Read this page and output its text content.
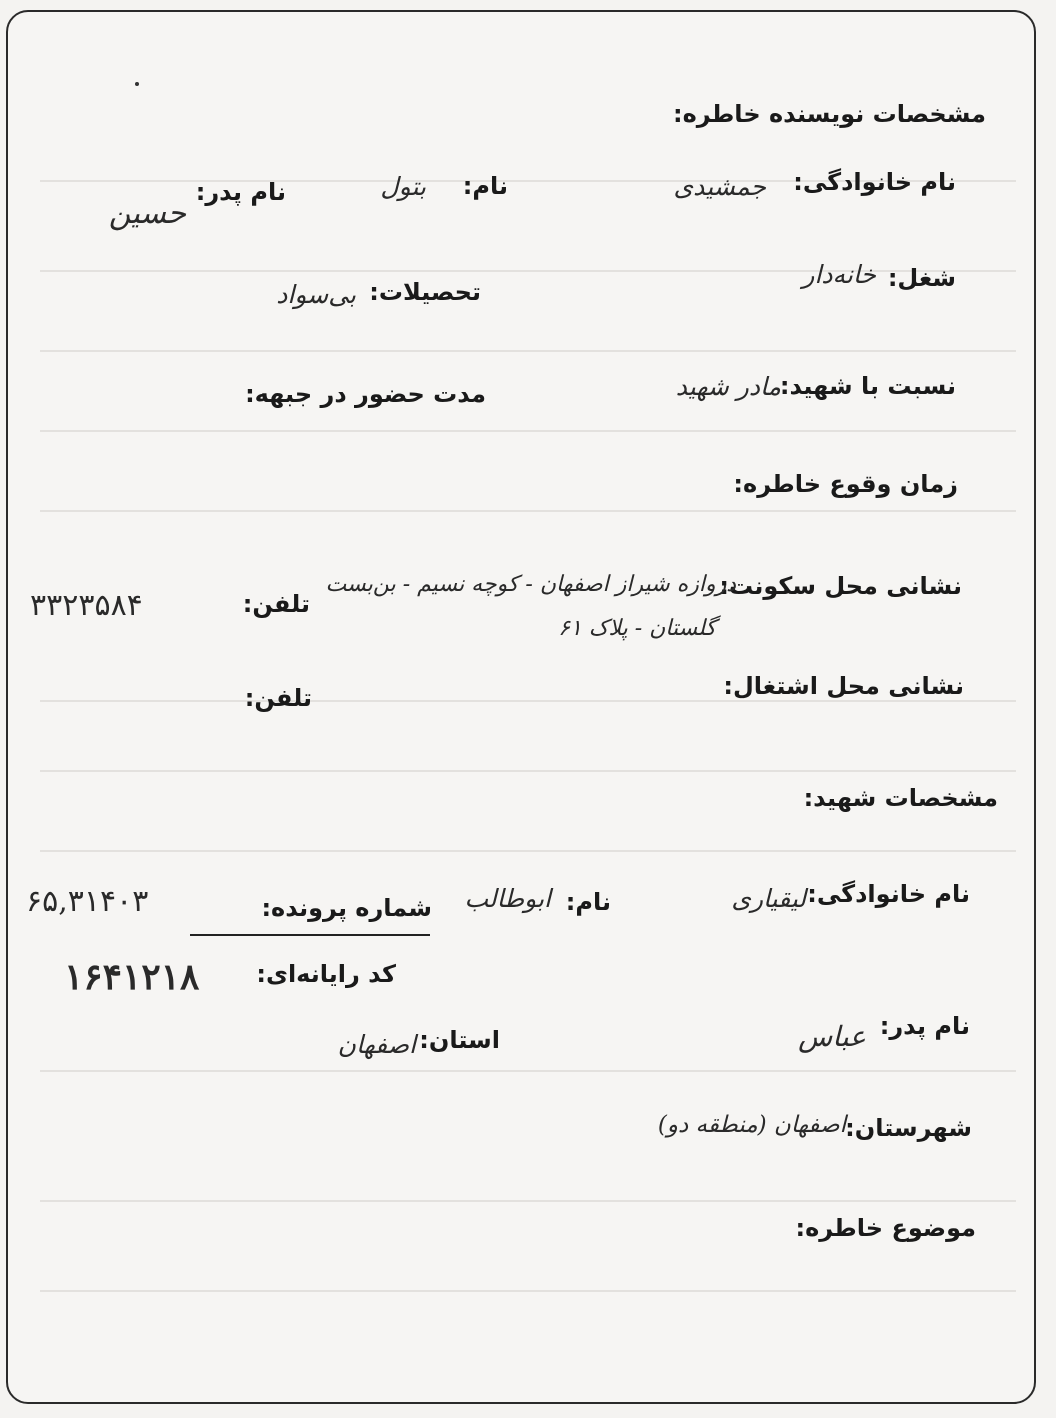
مشخصات نویسنده خاطره:
نام خانوادگی:
جمشیدی
نام:
بتول
نام پدر:
حسین
شغل:
خانه‌دار
تحصیلات:
بی‌سواد
نسبت با شهید:
مادر شهید
مدت حضور در جبهه:
زمان وقوع خاطره:
نشانی محل سکونت:
دروازه شیراز اصفهان - کوچه نسیم - بن‌بست
گلستان - پلاک ۶۱
تلفن:
۳۳۲۳۵۸۴
نشانی محل اشتغال:
تلفن:
مشخصات شهید:
نام خانوادگی:
لیقیاری
نام:
ابوطالب
شماره پرونده:
۶۵,۳۱۴۰۳
کد رایانه‌ای:
۱۶۴۱۲۱۸
نام پدر:
عباس
استان:
اصفهان
شهرستان:
اصفهان (منطقه دو)
موضوع خاطره:
